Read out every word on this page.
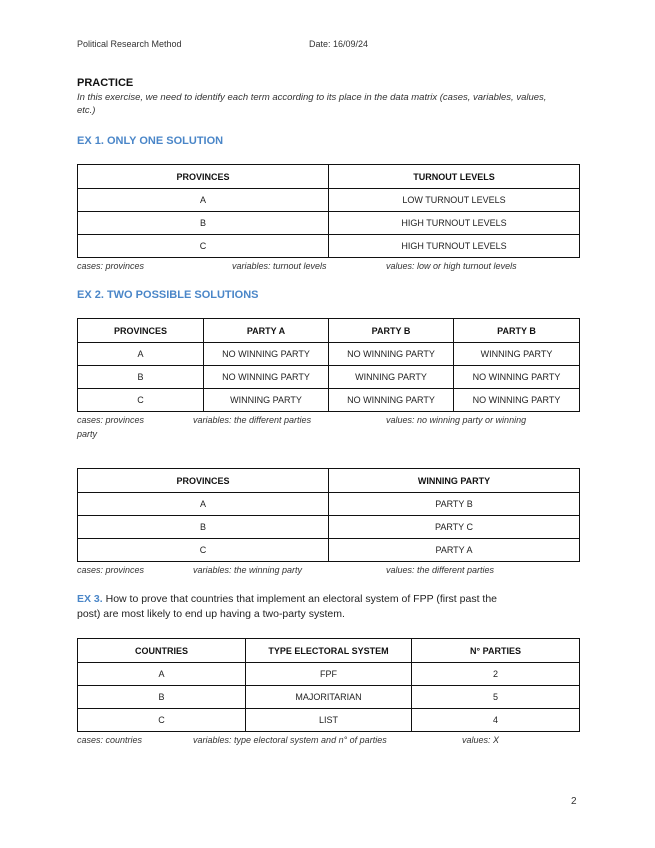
Political Research Method	Date: 16/09/24
PRACTICE
In this exercise, we need to identify each term according to its place in the data matrix (cases, variables, values, etc.)
EX 1. ONLY ONE SOLUTION
PROVINCES	TURNOUT LEVELS
A	LOW TURNOUT LEVELS
B	HIGH TURNOUT LEVELS
C	HIGH TURNOUT LEVELS
cases: provinces	variables: turnout levels	values: low or high turnout levels
EX 2. TWO POSSIBLE SOLUTIONS
PROVINCES	PARTY A	PARTY B	PARTY B
A	NO WINNING PARTY	NO WINNING PARTY	WINNING PARTY
B	NO WINNING PARTY	WINNING PARTY	NO WINNING PARTY
C	WINNING PARTY	NO WINNING PARTY	NO WINNING PARTY
cases: provinces	variables: the different parties	values: no winning party or winning
party
PROVINCES	WINNING PARTY
A	PARTY B
B	PARTY C
C	PARTY A
cases: provinces	variables: the winning party	values: the different parties
EX 3. How to prove that countries that implement an electoral system of FPP (first past the
post) are most likely to end up having a two-party system.
COUNTRIES	TYPE ELECTORAL SYSTEM	N° PARTIES
A	FPF	2
B	MAJORITARIAN	5
C	LIST	4
cases: countries	variables: type electoral system and n° of parties	values: X
2
